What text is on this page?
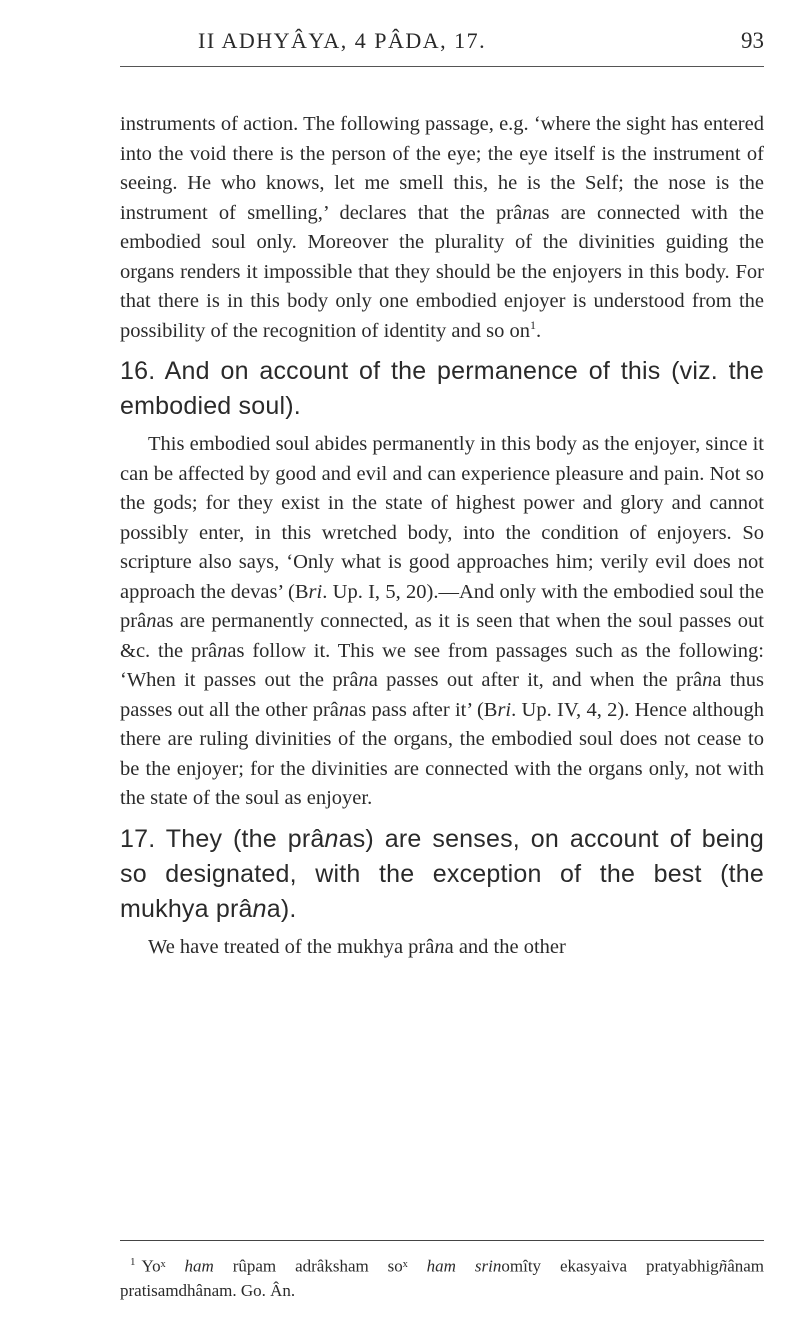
II ADHYÂYA, 4 PÂDA, 17.	93

instruments of action. The following passage, e.g. ‘where the sight has entered into the void there is the person of the eye; the eye itself is the instrument of seeing. He who knows, let me smell this, he is the Self; the nose is the instrument of smelling,’ declares that the prânas are connected with the embodied soul only. Moreover the plurality of the divinities guiding the organs renders it impossible that they should be the enjoyers in this body. For that there is in this body only one embodied enjoyer is understood from the possibility of the recognition of identity and so on$^1$.

16. And on account of the permanence of this (viz. the embodied soul).

This embodied soul abides permanently in this body as the enjoyer, since it can be affected by good and evil and can experience pleasure and pain. Not so the gods; for they exist in the state of highest power and glory and cannot possibly enter, in this wretched body, into the condition of enjoyers. So scripture also says, ‘Only what is good approaches him; verily evil does not approach the devas’ (Bri. Up. I, 5, 20).—And only with the embodied soul the prânas are permanently connected, as it is seen that when the soul passes out &c. the prânas follow it. This we see from passages such as the following: ‘When it passes out the prâna passes out after it, and when the prâna thus passes out all the other prânas pass after it’ (Bri. Up. IV, 4, 2). Hence although there are ruling divinities of the organs, the embodied soul does not cease to be the enjoyer; for the divinities are connected with the organs only, not with the state of the soul as enjoyer.

17. They (the prânas) are senses, on account of being so designated, with the exception of the best (the mukhya prâna).

We have treated of the mukhya prâna and the other

$^1$ Yoˣ ham rûpam adrâksham soˣ ham srinomîty ekasyaiva pratyabhigñânam pratisamdhânam. Go. Ân.
